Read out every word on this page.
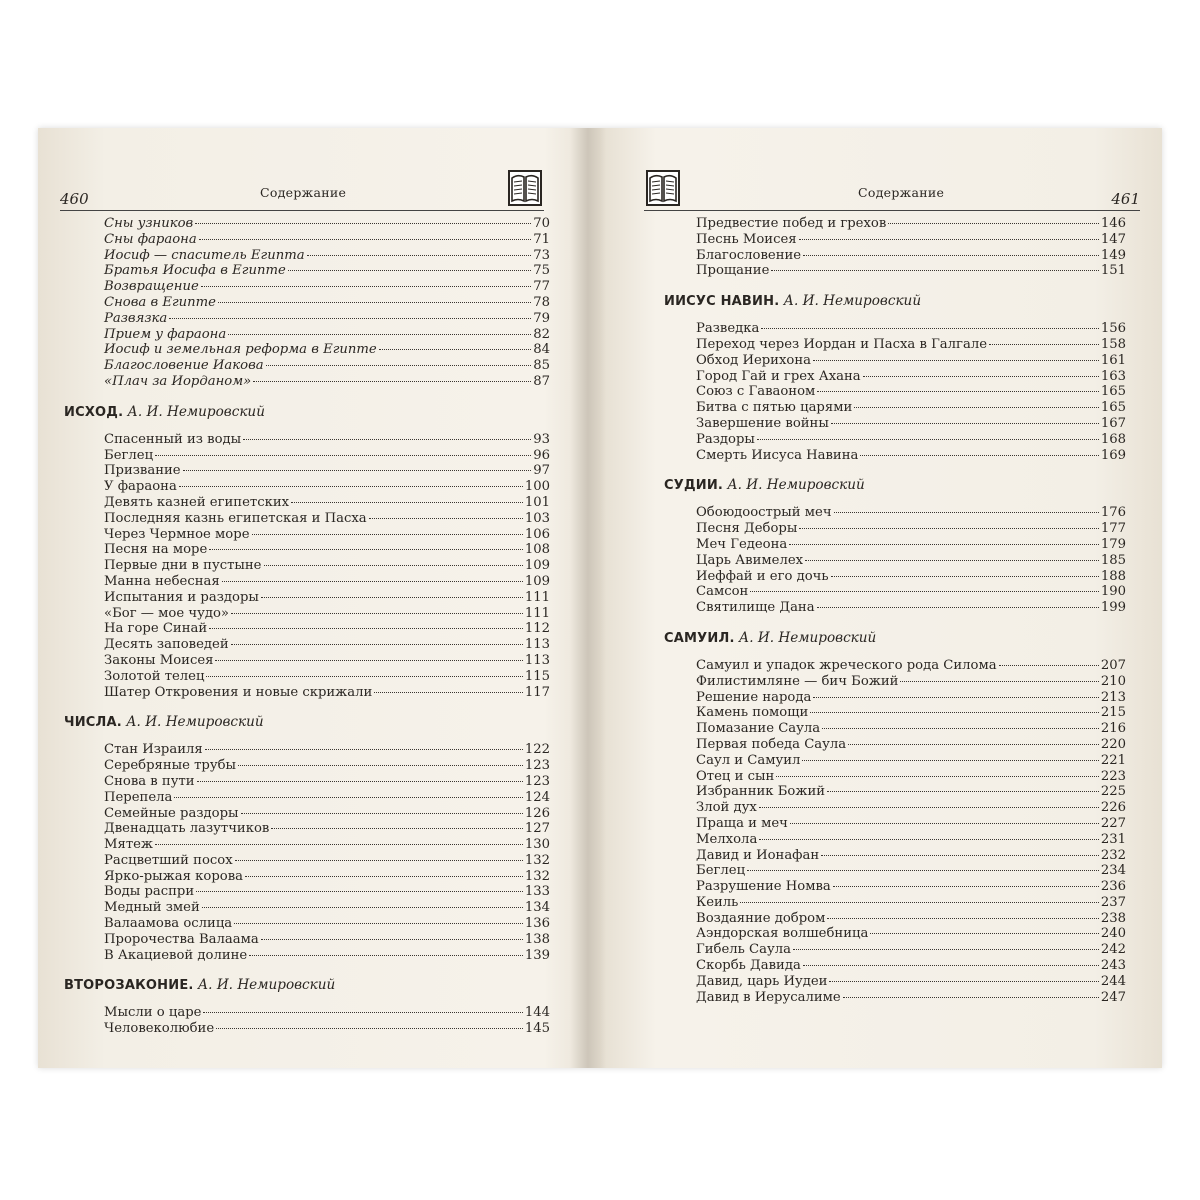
460	Содержание
Сны узников	70
Сны фараона	71
Иосиф — спаситель Египта	73
Братья Иосифа в Египте	75
Возвращение	77
Снова в Египте	78
Развязка	79
Прием у фараона	82
Иосиф и земельная реформа в Египте	84
Благословение Иакова	85
«Плач за Иорданом»	87
ИСХОД. А. И. Немировский
Спасенный из воды	93
Беглец	96
Призвание	97
У фараона	100
Девять казней египетских	101
Последняя казнь египетская и Пасха	103
Через Чермное море	106
Песня на море	108
Первые дни в пустыне	109
Манна небесная	109
Испытания и раздоры	111
«Бог — мое чудо»	111
На горе Синай	112
Десять заповедей	113
Законы Моисея	113
Золотой телец	115
Шатер Откровения и новые скрижали	117
ЧИСЛА. А. И. Немировский
Стан Израиля	122
Серебряные трубы	123
Снова в пути	123
Перепела	124
Семейные раздоры	126
Двенадцать лазутчиков	127
Мятеж	130
Расцветший посох	132
Ярко-рыжая корова	132
Воды распри	133
Медный змей	134
Валаамова ослица	136
Пророчества Валаама	138
В Акациевой долине	139
ВТОРОЗАКОНИЕ. А. И. Немировский
Мысли о царе	144
Человеколюбие	145
Содержание	461
Предвестие побед и грехов	146
Песнь Моисея	147
Благословение	149
Прощание	151
ИИСУС НАВИН. А. И. Немировский
Разведка	156
Переход через Иордан и Пасха в Галгале	158
Обход Иерихона	161
Город Гай и грех Ахана	163
Союз с Гаваоном	165
Битва с пятью царями	165
Завершение войны	167
Раздоры	168
Смерть Иисуса Навина	169
СУДИИ. А. И. Немировский
Обоюдоострый меч	176
Песня Деборы	177
Меч Гедеона	179
Царь Авимелех	185
Иеффай и его дочь	188
Самсон	190
Святилище Дана	199
САМУИЛ. А. И. Немировский
Самуил и упадок жреческого рода Силома	207
Филистимляне — бич Божий	210
Решение народа	213
Камень помощи	215
Помазание Саула	216
Первая победа Саула	220
Саул и Самуил	221
Отец и сын	223
Избранник Божий	225
Злой дух	226
Праща и меч	227
Мелхола	231
Давид и Ионафан	232
Беглец	234
Разрушение Номва	236
Кеиль	237
Воздаяние добром	238
Аэндорская волшебница	240
Гибель Саула	242
Скорбь Давида	243
Давид, царь Иудеи	244
Давид в Иерусалиме	247
